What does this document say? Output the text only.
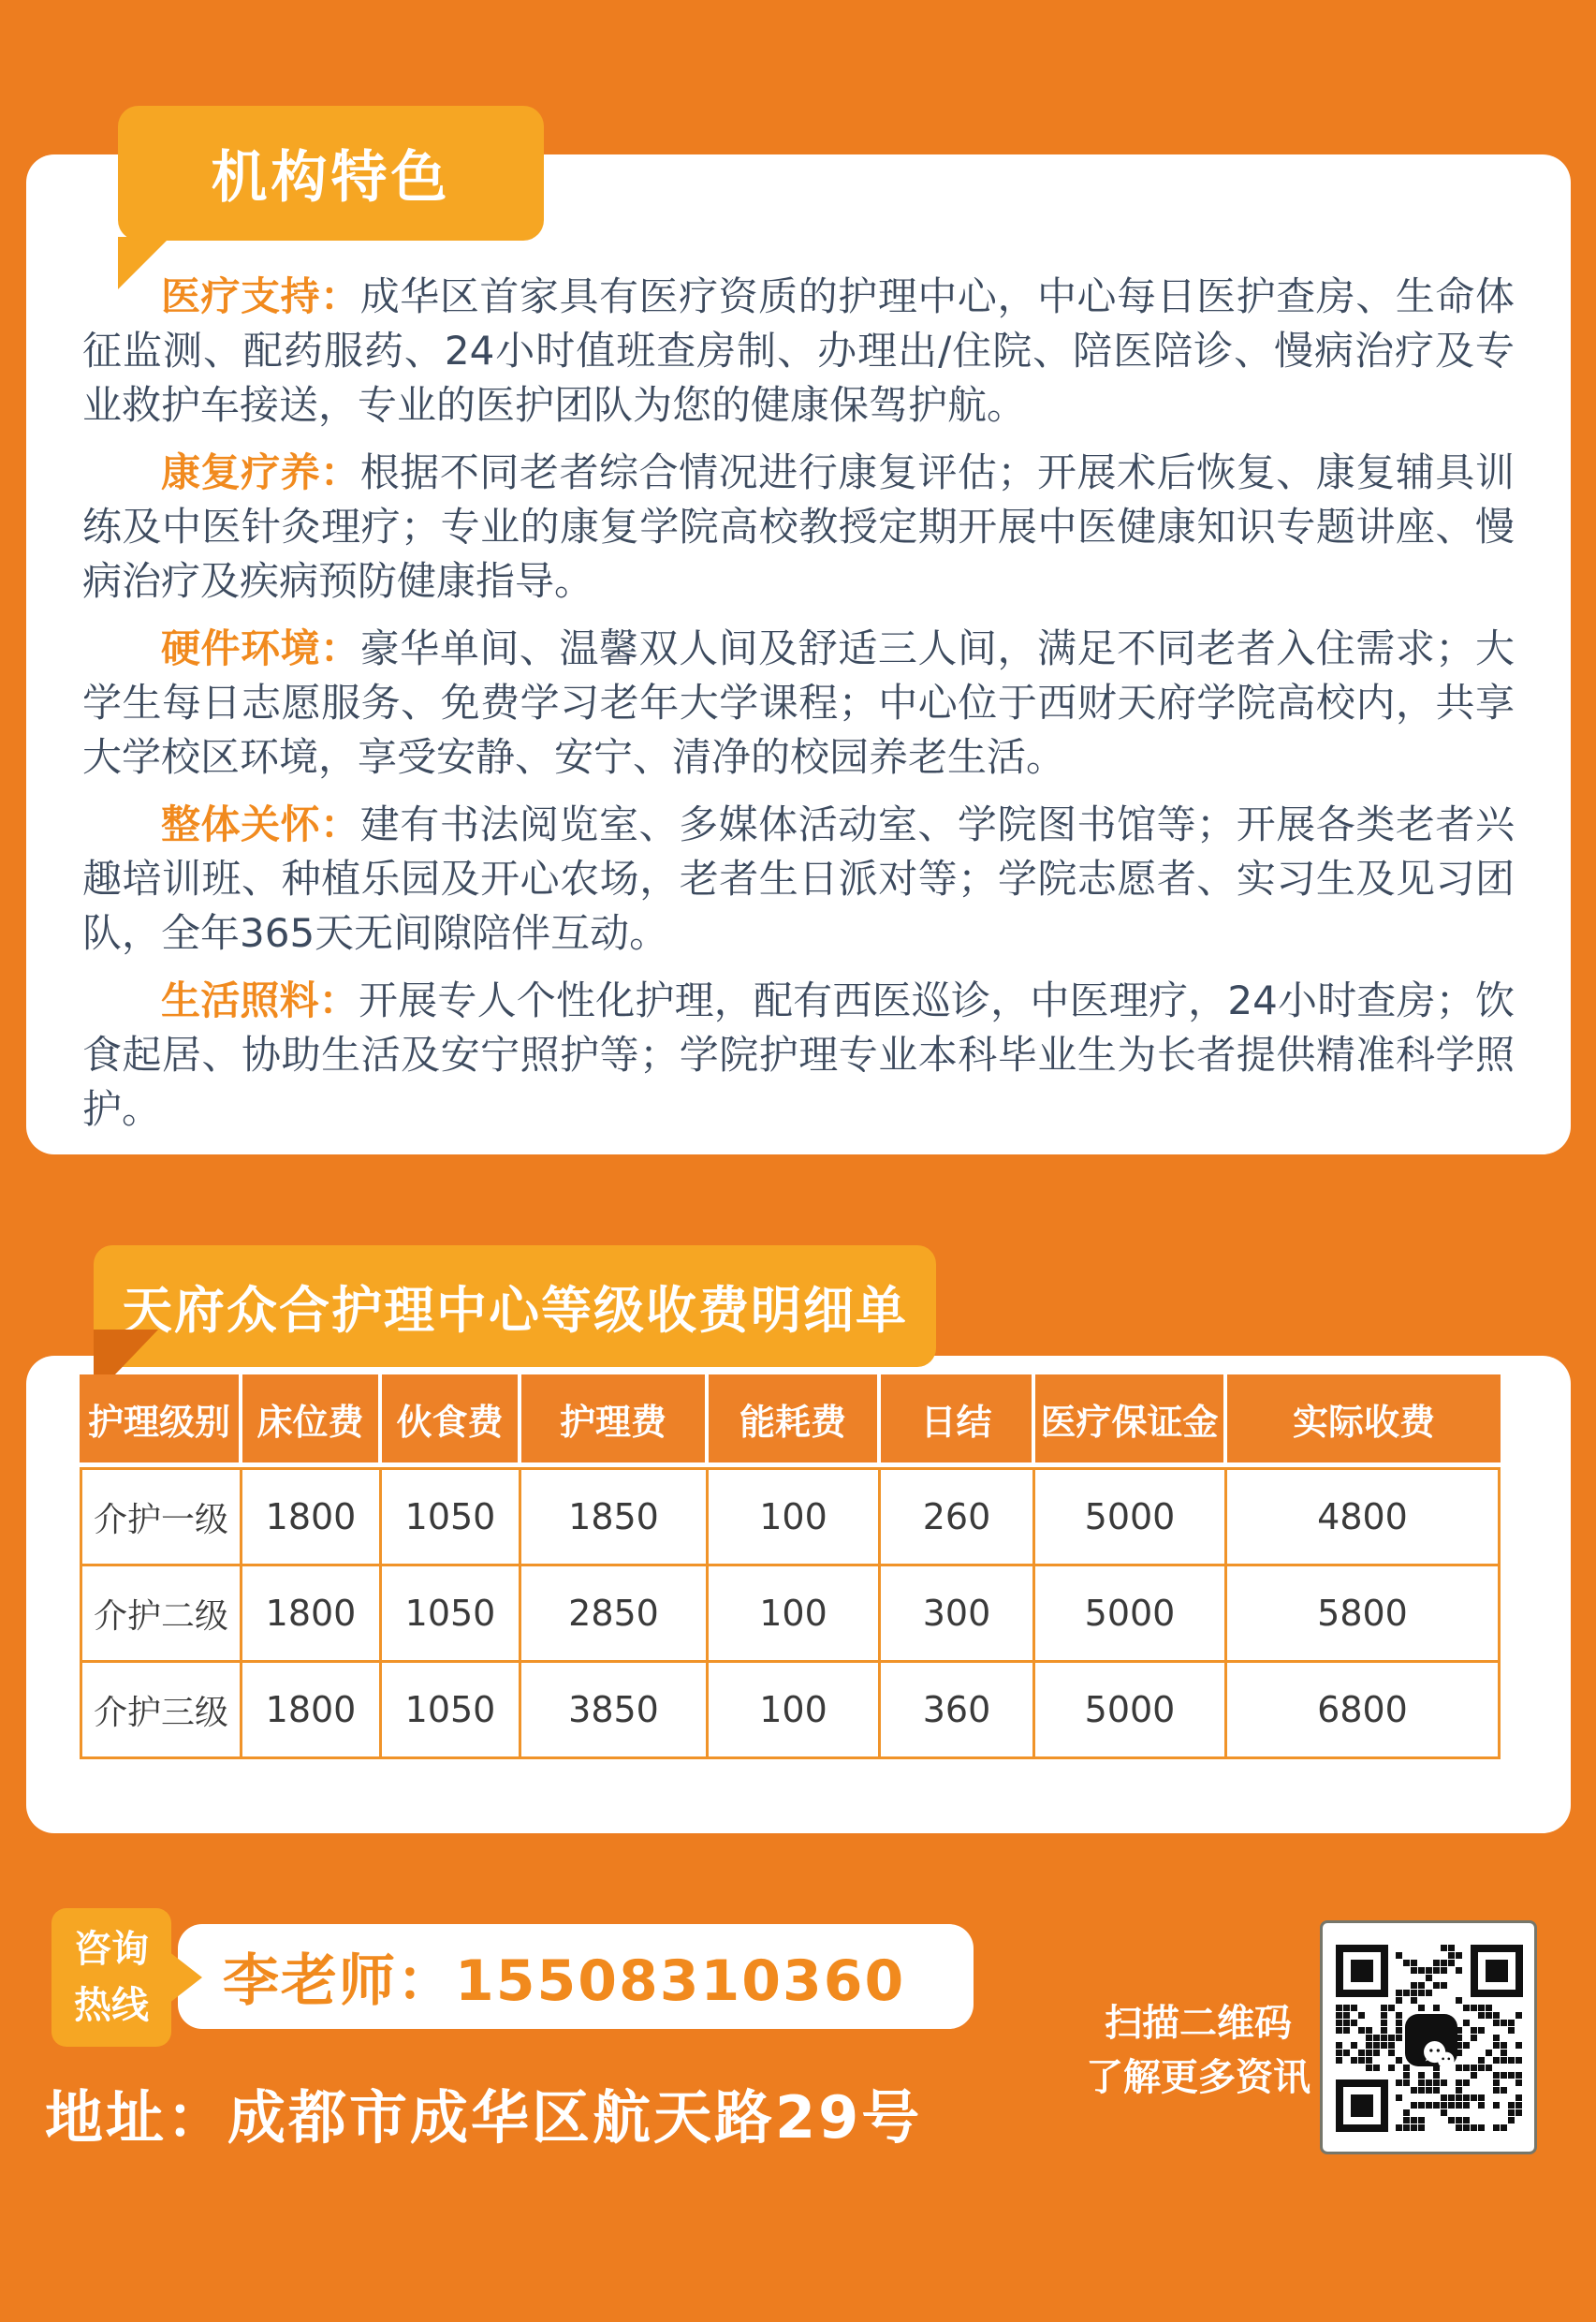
机构特色

医疗支持：成华区首家具有医疗资质的护理中心，中心每日医护查房、生命体征监测、配药服药、24小时值班查房制、办理出/住院、陪医陪诊、慢病治疗及专业救护车接送，专业的医护团队为您的健康保驾护航。

康复疗养：根据不同老者综合情况进行康复评估；开展术后恢复、康复辅具训练及中医针灸理疗；专业的康复学院高校教授定期开展中医健康知识专题讲座、慢病治疗及疾病预防健康指导。

硬件环境：豪华单间、温馨双人间及舒适三人间，满足不同老者入住需求；大学生每日志愿服务、免费学习老年大学课程；中心位于西财天府学院高校内，共享大学校区环境，享受安静、安宁、清净的校园养老生活。

整体关怀：建有书法阅览室、多媒体活动室、学院图书馆等；开展各类老者兴趣培训班、种植乐园及开心农场，老者生日派对等；学院志愿者、实习生及见习团队，全年365天无间隙陪伴互动。

生活照料：开展专人个性化护理，配有西医巡诊，中医理疗，24小时查房；饮食起居、协助生活及安宁照护等；学院护理专业本科毕业生为长者提供精准科学照护。

天府众合护理中心等级收费明细单
护理级别	床位费	伙食费	护理费	能耗费	日结	医疗保证金	实际收费
介护一级	1800	1050	1850	100	260	5000	4800
介护二级	1800	1050	2850	100	300	5000	5800
介护三级	1800	1050	3850	100	360	5000	6800
咨询
热线 李老师：15508310360
扫描二维码
了解更多资讯
地址：成都市成华区航天路29号
